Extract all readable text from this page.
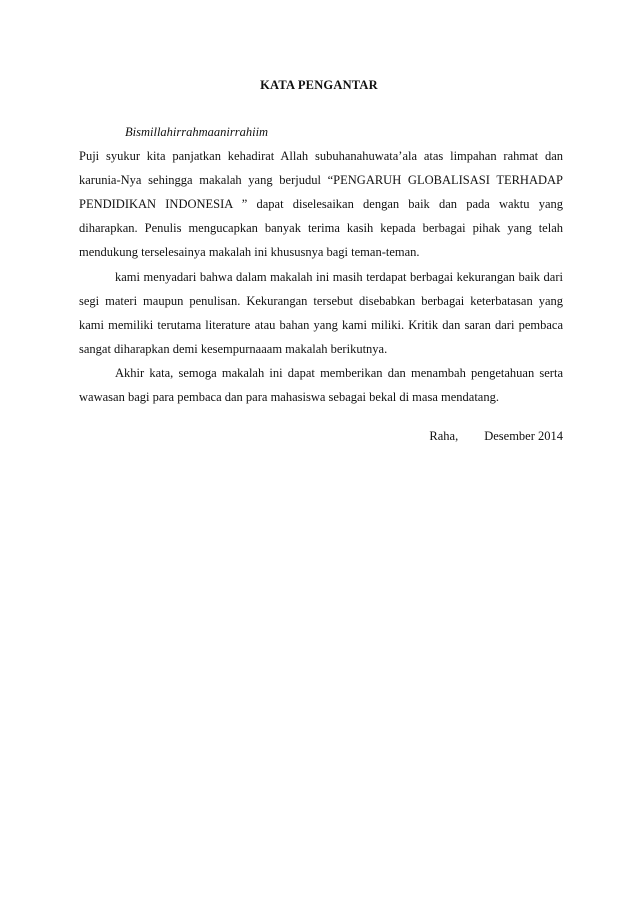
KATA PENGANTAR

Bismillahirrahmaanirrahiim

Puji syukur kita panjatkan kehadirat Allah subuhanahuwata’ala atas limpahan rahmat dan karunia-Nya sehingga makalah yang berjudul “PENGARUH GLOBALISASI TERHADAP PENDIDIKAN INDONESIA ” dapat diselesaikan dengan baik dan pada waktu yang diharapkan. Penulis mengucapkan banyak terima kasih kepada berbagai pihak yang telah mendukung terselesainya makalah ini khususnya bagi teman-teman.

kami menyadari bahwa dalam makalah ini masih terdapat berbagai kekurangan baik dari segi materi maupun penulisan. Kekurangan tersebut disebabkan berbagai keterbatasan yang kami memiliki terutama literature atau bahan yang kami miliki. Kritik dan saran dari pembaca sangat diharapkan demi kesempurnaaam makalah berikutnya.

Akhir kata, semoga makalah ini dapat memberikan dan menambah pengetahuan serta wawasan bagi para pembaca dan para mahasiswa sebagai bekal di masa mendatang.

Raha, Desember 2014
